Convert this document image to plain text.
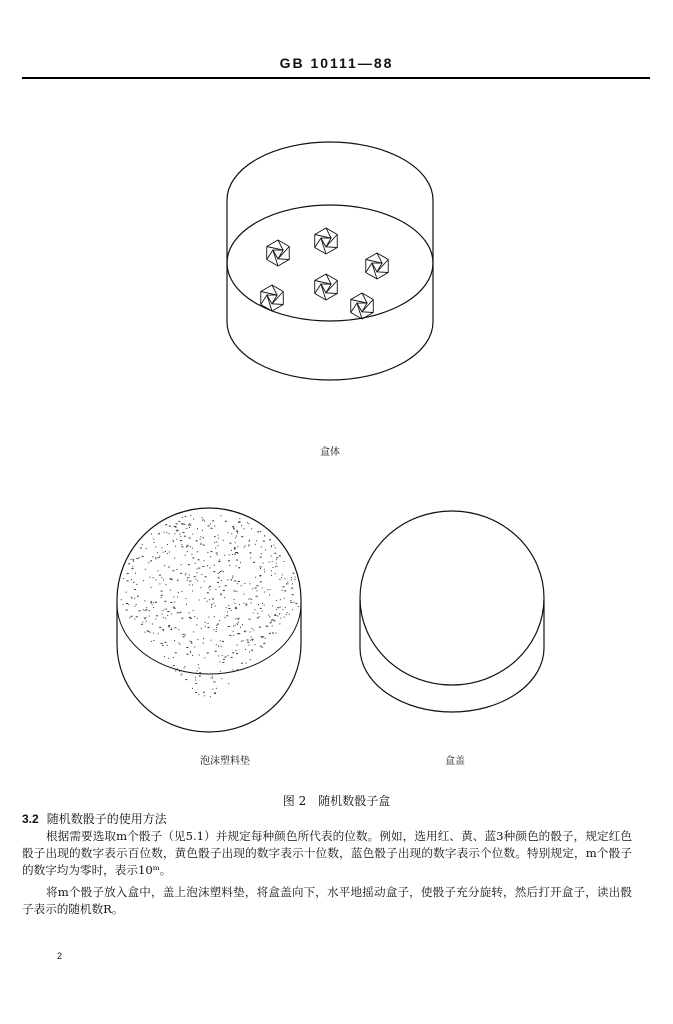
GB 10111—88
盒体
泡沫塑料垫	盒盖
图 2　随机数骰子盒
3.2 随机数骰子的使用方法
根据需要选取m个骰子（见5.1）并规定每种颜色所代表的位数。例如，选用红、黄、蓝3种颜色的骰子，规定红色骰子出现的数字表示百位数，黄色骰子出现的数字表示十位数，蓝色骰子出现的数字表示个位数。特别规定，m个骰子的数字均为零时，表示10ᵐ。
将m个骰子放入盒中，盖上泡沫塑料垫，将盒盖向下，水平地摇动盒子，使骰子充分旋转，然后打开盒子，读出骰子表示的随机数R。
2
